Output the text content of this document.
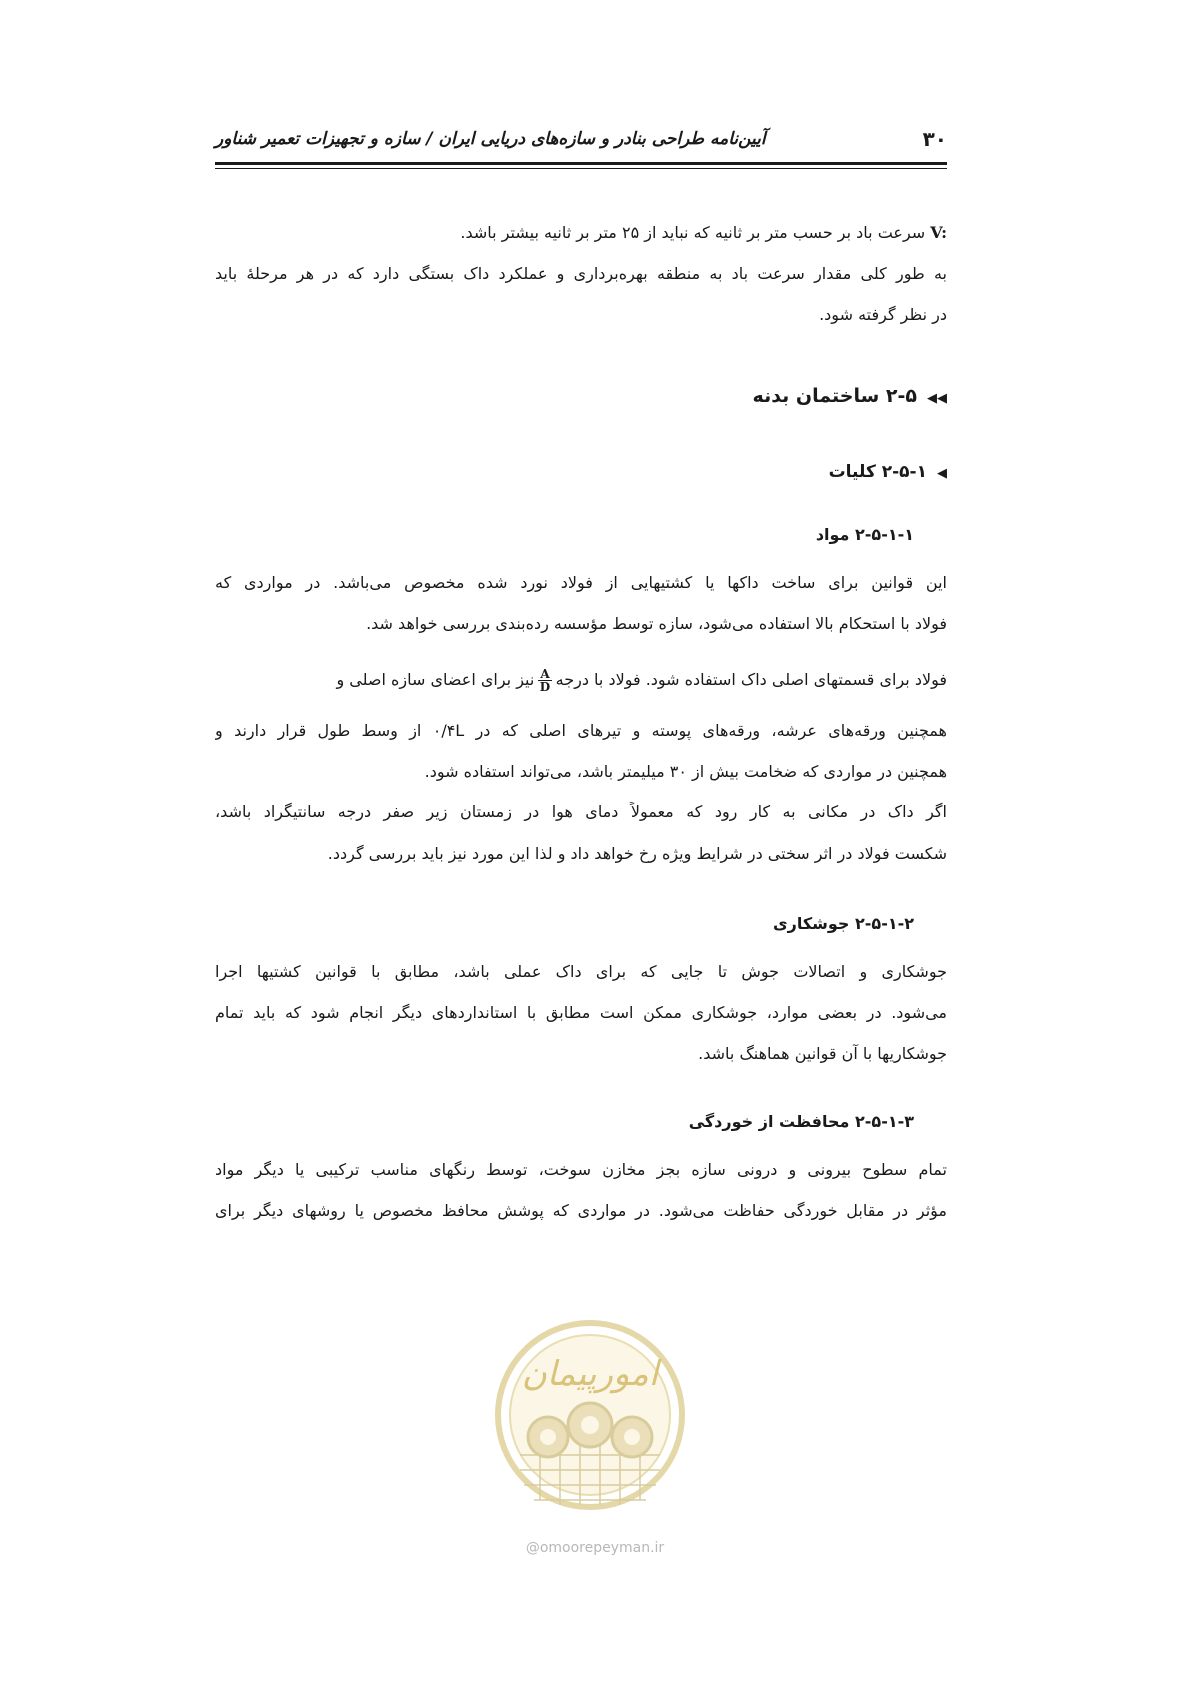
۳۰
آیین‌نامه طراحی بنادر و سازه‌های دریایی ایران / سازه و تجهیزات تعمیر شناور
V: سرعت باد بر حسب متر بر ثانیه که نباید از ۲۵ متر بر ثانیه بیشتر باشد.
به طور کلی مقدار سرعت باد به منطقه بهره‌برداری و عملکرد داک بستگی دارد که در هر مرحلهٔ باید
در نظر گرفته شود.
◀◀۲-۵ ساختمان بدنه
◀۲-۵-۱ کلیات
۲-۵-۱-۱ مواد
این قوانین برای ساخت داکها یا کشتیهایی از فولاد نورد شده مخصوص می‌باشد. در مواردی که
فولاد با استحکام بالا استفاده می‌شود، سازه توسط مؤسسه رده‌بندی بررسی خواهد شد.
فولاد برای قسمتهای اصلی داک استفاده شود. فولاد با درجه
$\frac{A}{D}$
نیز برای اعضای سازه اصلی و
همچنین ورقه‌های عرشه، ورقه‌های پوسته و تیرهای اصلی که در ۰/۴L از وسط طول قرار دارند و
همچنین در مواردی که ضخامت بیش از ۳۰ میلیمتر باشد، می‌تواند استفاده شود.
اگر داک در مکانی به کار رود که معمولاً دمای هوا در زمستان زیر صفر درجه سانتیگراد باشد،
شکست فولاد در اثر سختی در شرایط ویژه رخ خواهد داد و لذا این مورد نیز باید بررسی گردد.
۲-۵-۱-۲ جوشکاری
جوشکاری و اتصالات جوش تا جایی که برای داک عملی باشد، مطابق با قوانین کشتیها اجرا
می‌شود. در بعضی موارد، جوشکاری ممکن است مطابق با استانداردهای دیگر انجام شود که باید تمام
جوشکاریها با آن قوانین هماهنگ باشد.
۲-۵-۱-۳ محافظت از خوردگی
تمام سطوح بیرونی و درونی سازه بجز مخازن سوخت، توسط رنگهای مناسب ترکیبی یا دیگر مواد
مؤثر در مقابل خوردگی حفاظت می‌شود. در مواردی که پوشش محافظ مخصوص یا روشهای دیگر برای
امورپیمان
@omoorepeyman.ir
